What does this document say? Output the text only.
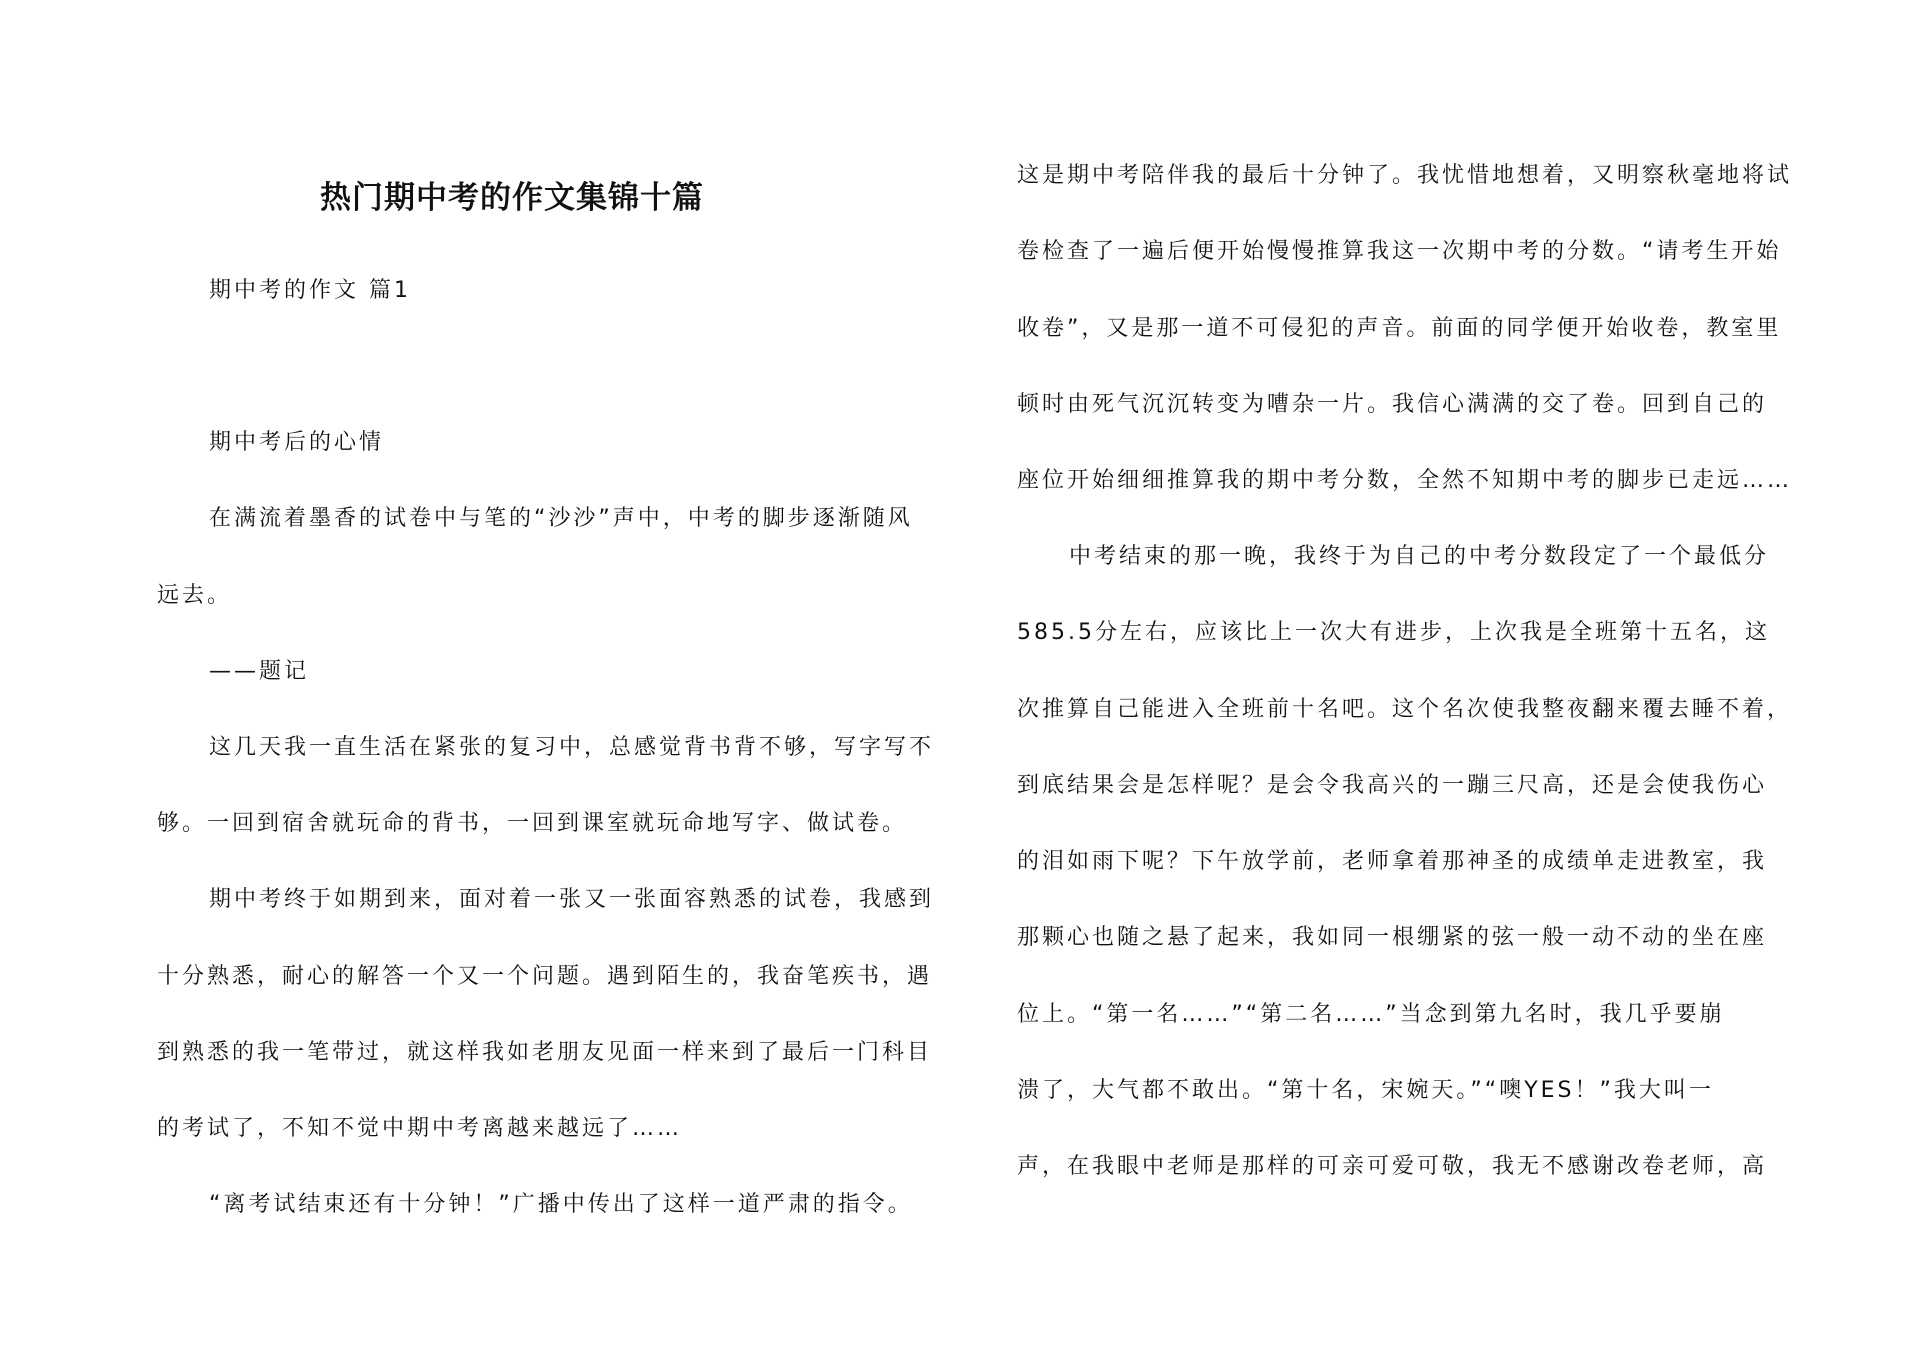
热门期中考的作文集锦十篇
期中考的作文 篇1
期中考后的心情
在满流着墨香的试卷中与笔的“沙沙”声中，中考的脚步逐渐随风
远去。
——题记
这几天我一直生活在紧张的复习中，总感觉背书背不够，写字写不
够。一回到宿舍就玩命的背书，一回到课室就玩命地写字、做试卷。
期中考终于如期到来，面对着一张又一张面容熟悉的试卷，我感到
十分熟悉，耐心的解答一个又一个问题。遇到陌生的，我奋笔疾书，遇
到熟悉的我一笔带过，就这样我如老朋友见面一样来到了最后一门科目
的考试了，不知不觉中期中考离越来越远了……
“离考试结束还有十分钟！”广播中传出了这样一道严肃的指令。
这是期中考陪伴我的最后十分钟了。我忧惜地想着，又明察秋毫地将试
卷检查了一遍后便开始慢慢推算我这一次期中考的分数。“请考生开始
收卷”，又是那一道不可侵犯的声音。前面的同学便开始收卷，教室里
顿时由死气沉沉转变为嘈杂一片。我信心满满的交了卷。回到自己的
座位开始细细推算我的期中考分数，全然不知期中考的脚步已走远……
中考结束的那一晚，我终于为自己的中考分数段定了一个最低分
585.5分左右，应该比上一次大有进步，上次我是全班第十五名，这
次推算自己能进入全班前十名吧。这个名次使我整夜翻来覆去睡不着，
到底结果会是怎样呢？是会令我高兴的一蹦三尺高，还是会使我伤心
的泪如雨下呢？下午放学前，老师拿着那神圣的成绩单走进教室，我
那颗心也随之悬了起来，我如同一根绷紧的弦一般一动不动的坐在座
位上。“第一名……”“第二名……”当念到第九名时，我几乎要崩
溃了，大气都不敢出。“第十名，宋婉天。”“噢YES！”我大叫一
声，在我眼中老师是那样的可亲可爱可敬，我无不感谢改卷老师，高
